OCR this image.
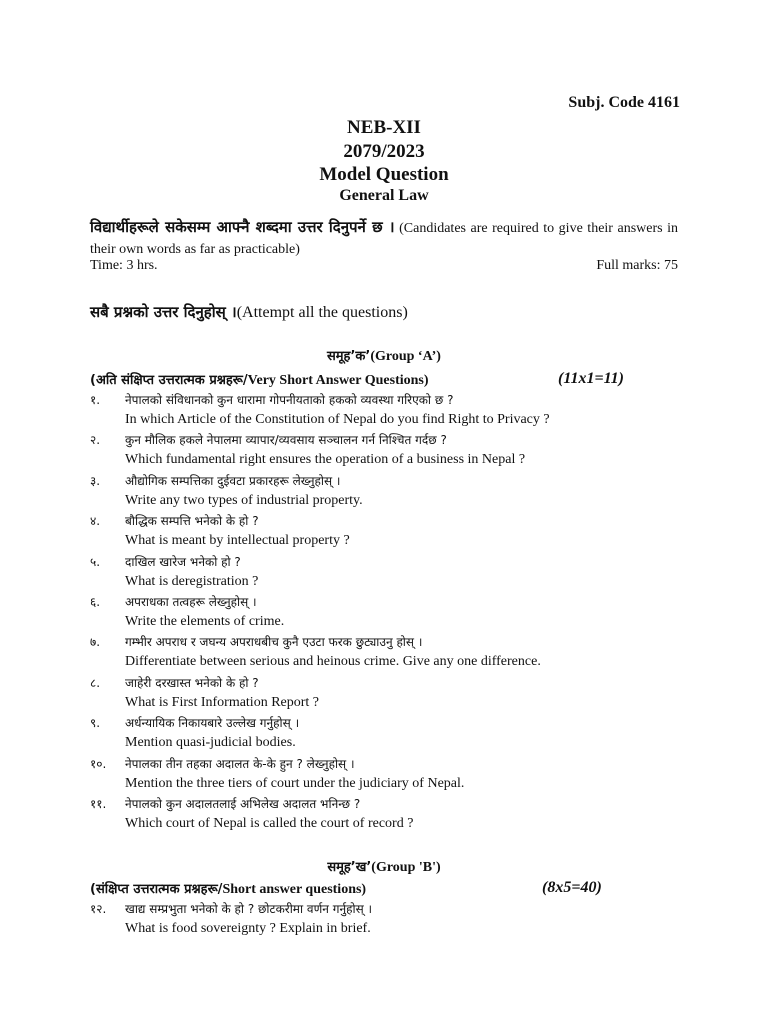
Subj. Code 4161
NEB-XII
2079/2023
Model Question
General Law
विद्यार्थीहरूले सकेसम्म आफ्नै शब्दमा उत्तर दिनुपर्ने छ । (Candidates are required to give their answers in their own words as far as practicable)
Time: 3 hrs.	Full marks: 75
सबै प्रश्नको उत्तर दिनुहोस् ।(Attempt all the questions)
समूह’क’(Group ‘A’)
(अति संक्षिप्त उत्तरात्मक प्रश्नहरू/Very Short Answer Questions)	(11x1=11)
१. नेपालको संविधानको कुन धारामा गोपनीयताको हकको व्यवस्था गरिएको छ ?
In which Article of the Constitution of Nepal do you find Right to Privacy ?
२. कुन मौलिक हकले नेपालमा व्यापार/व्यवसाय सञ्चालन गर्न निश्चित गर्दछ ?
Which fundamental right ensures the operation of a business in Nepal ?
३. औद्योगिक सम्पत्तिका दुईवटा प्रकारहरू लेख्नुहोस् ।
Write any two types of industrial property.
४. बौद्धिक सम्पत्ति भनेको के हो ?
What is meant by intellectual property ?
५. दाखिल खारेज भनेको हो ?
What is deregistration ?
६. अपराधका तत्वहरू लेख्नुहोस् ।
Write the elements of crime.
७. गम्भीर अपराध र जघन्य अपराधबीच कुनै एउटा फरक छुट्याउनु होस् ।
Differentiate between serious and heinous crime. Give any one difference.
८. जाहेरी दरखास्त भनेको के हो ?
What is First Information Report ?
९. अर्धन्यायिक निकायबारे उल्लेख गर्नुहोस् ।
Mention quasi-judicial bodies.
१०. नेपालका तीन तहका अदालत के-के हुन ? लेख्नुहोस् ।
Mention the three tiers of court under the judiciary of Nepal.
११. नेपालको कुन अदालतलाई अभिलेख अदालत भनिन्छ ?
Which court of Nepal is called the court of record ?
समूह’ख’(Group 'B')
(संक्षिप्त उत्तरात्मक प्रश्नहरू/Short answer questions)	(8x5=40)
१२. खाद्य सम्प्रभुता भनेको के हो ? छोटकरीमा वर्णन गर्नुहोस् ।
What is food sovereignty ? Explain in brief.
